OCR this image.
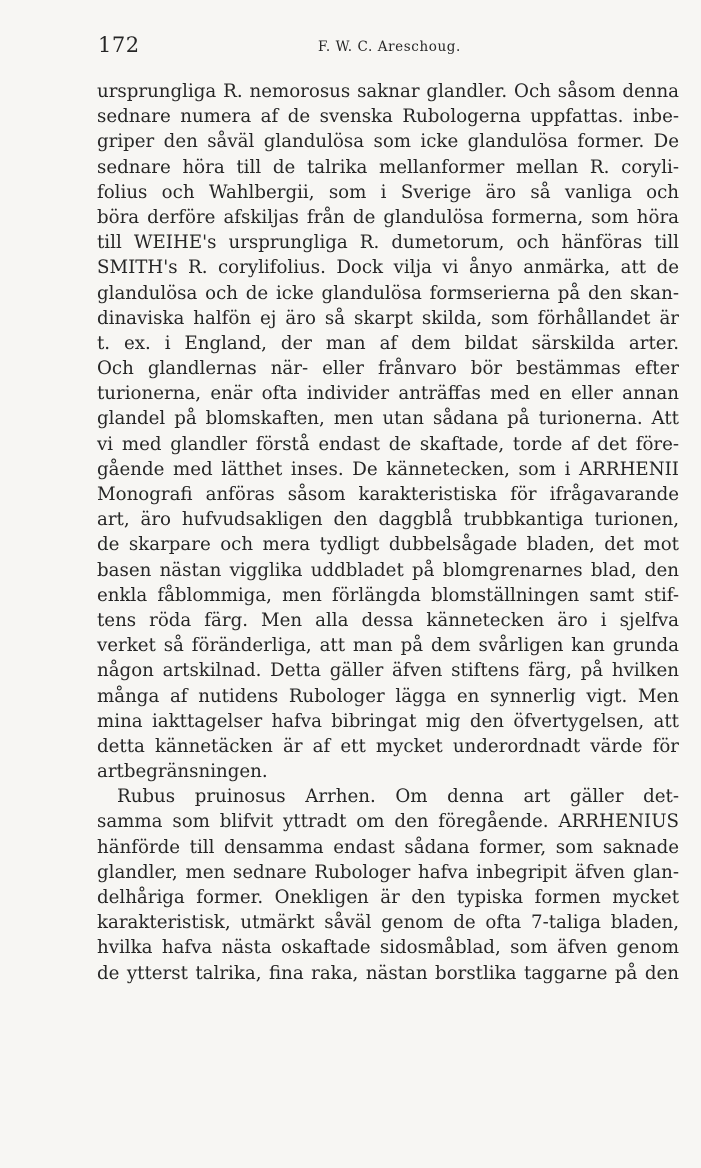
172	F. W. C. Areschoug.
ursprungliga R. nemorosus saknar glandler. Och såsom denna
sednare numera af de svenska Rubologerna uppfattas. inbe-
griper den såväl glandulösa som icke glandulösa former. De
sednare höra till de talrika mellanformer mellan R. coryli-
folius och Wahlbergii, som i Sverige äro så vanliga och
böra derföre afskiljas från de glandulösa formerna, som höra
till WEIHE's ursprungliga R. dumetorum, och hänföras till
SMITH's R. corylifolius. Dock vilja vi ånyo anmärka, att de
glandulösa och de icke glandulösa formserierna på den skan-
dinaviska halfön ej äro så skarpt skilda, som förhållandet är
t. ex. i England, der man af dem bildat särskilda arter.
Och glandlernas när- eller frånvaro bör bestämmas efter
turionerna, enär ofta individer anträffas med en eller annan
glandel på blomskaften, men utan sådana på turionerna. Att
vi med glandler förstå endast de skaftade, torde af det före-
gående med lätthet inses. De kännetecken, som i ARRHENII
Monografi anföras såsom karakteristiska för ifrågavarande
art, äro hufvudsakligen den daggblå trubbkantiga turionen,
de skarpare och mera tydligt dubbelsågade bladen, det mot
basen nästan vigglika uddbladet på blomgrenarnes blad, den
enkla fåblommiga, men förlängda blomställningen samt stif-
tens röda färg. Men alla dessa kännetecken äro i sjelfva
verket så föränderliga, att man på dem svårligen kan grunda
någon artskilnad. Detta gäller äfven stiftens färg, på hvilken
många af nutidens Rubologer lägga en synnerlig vigt. Men
mina iakttagelser hafva bibringat mig den öfvertygelsen, att
detta kännetäcken är af ett mycket underordnadt värde för
artbegränsningen.
Rubus pruinosus Arrhen. Om denna art gäller det-
samma som blifvit yttradt om den föregående. ARRHENIUS
hänförde till densamma endast sådana former, som saknade
glandler, men sednare Rubologer hafva inbegripit äfven glan-
delhåriga former. Onekligen är den typiska formen mycket
karakteristisk, utmärkt såväl genom de ofta 7-taliga bladen,
hvilka hafva nästa oskaftade sidosmåblad, som äfven genom
de ytterst talrika, fina raka, nästan borstlika taggarne på den
